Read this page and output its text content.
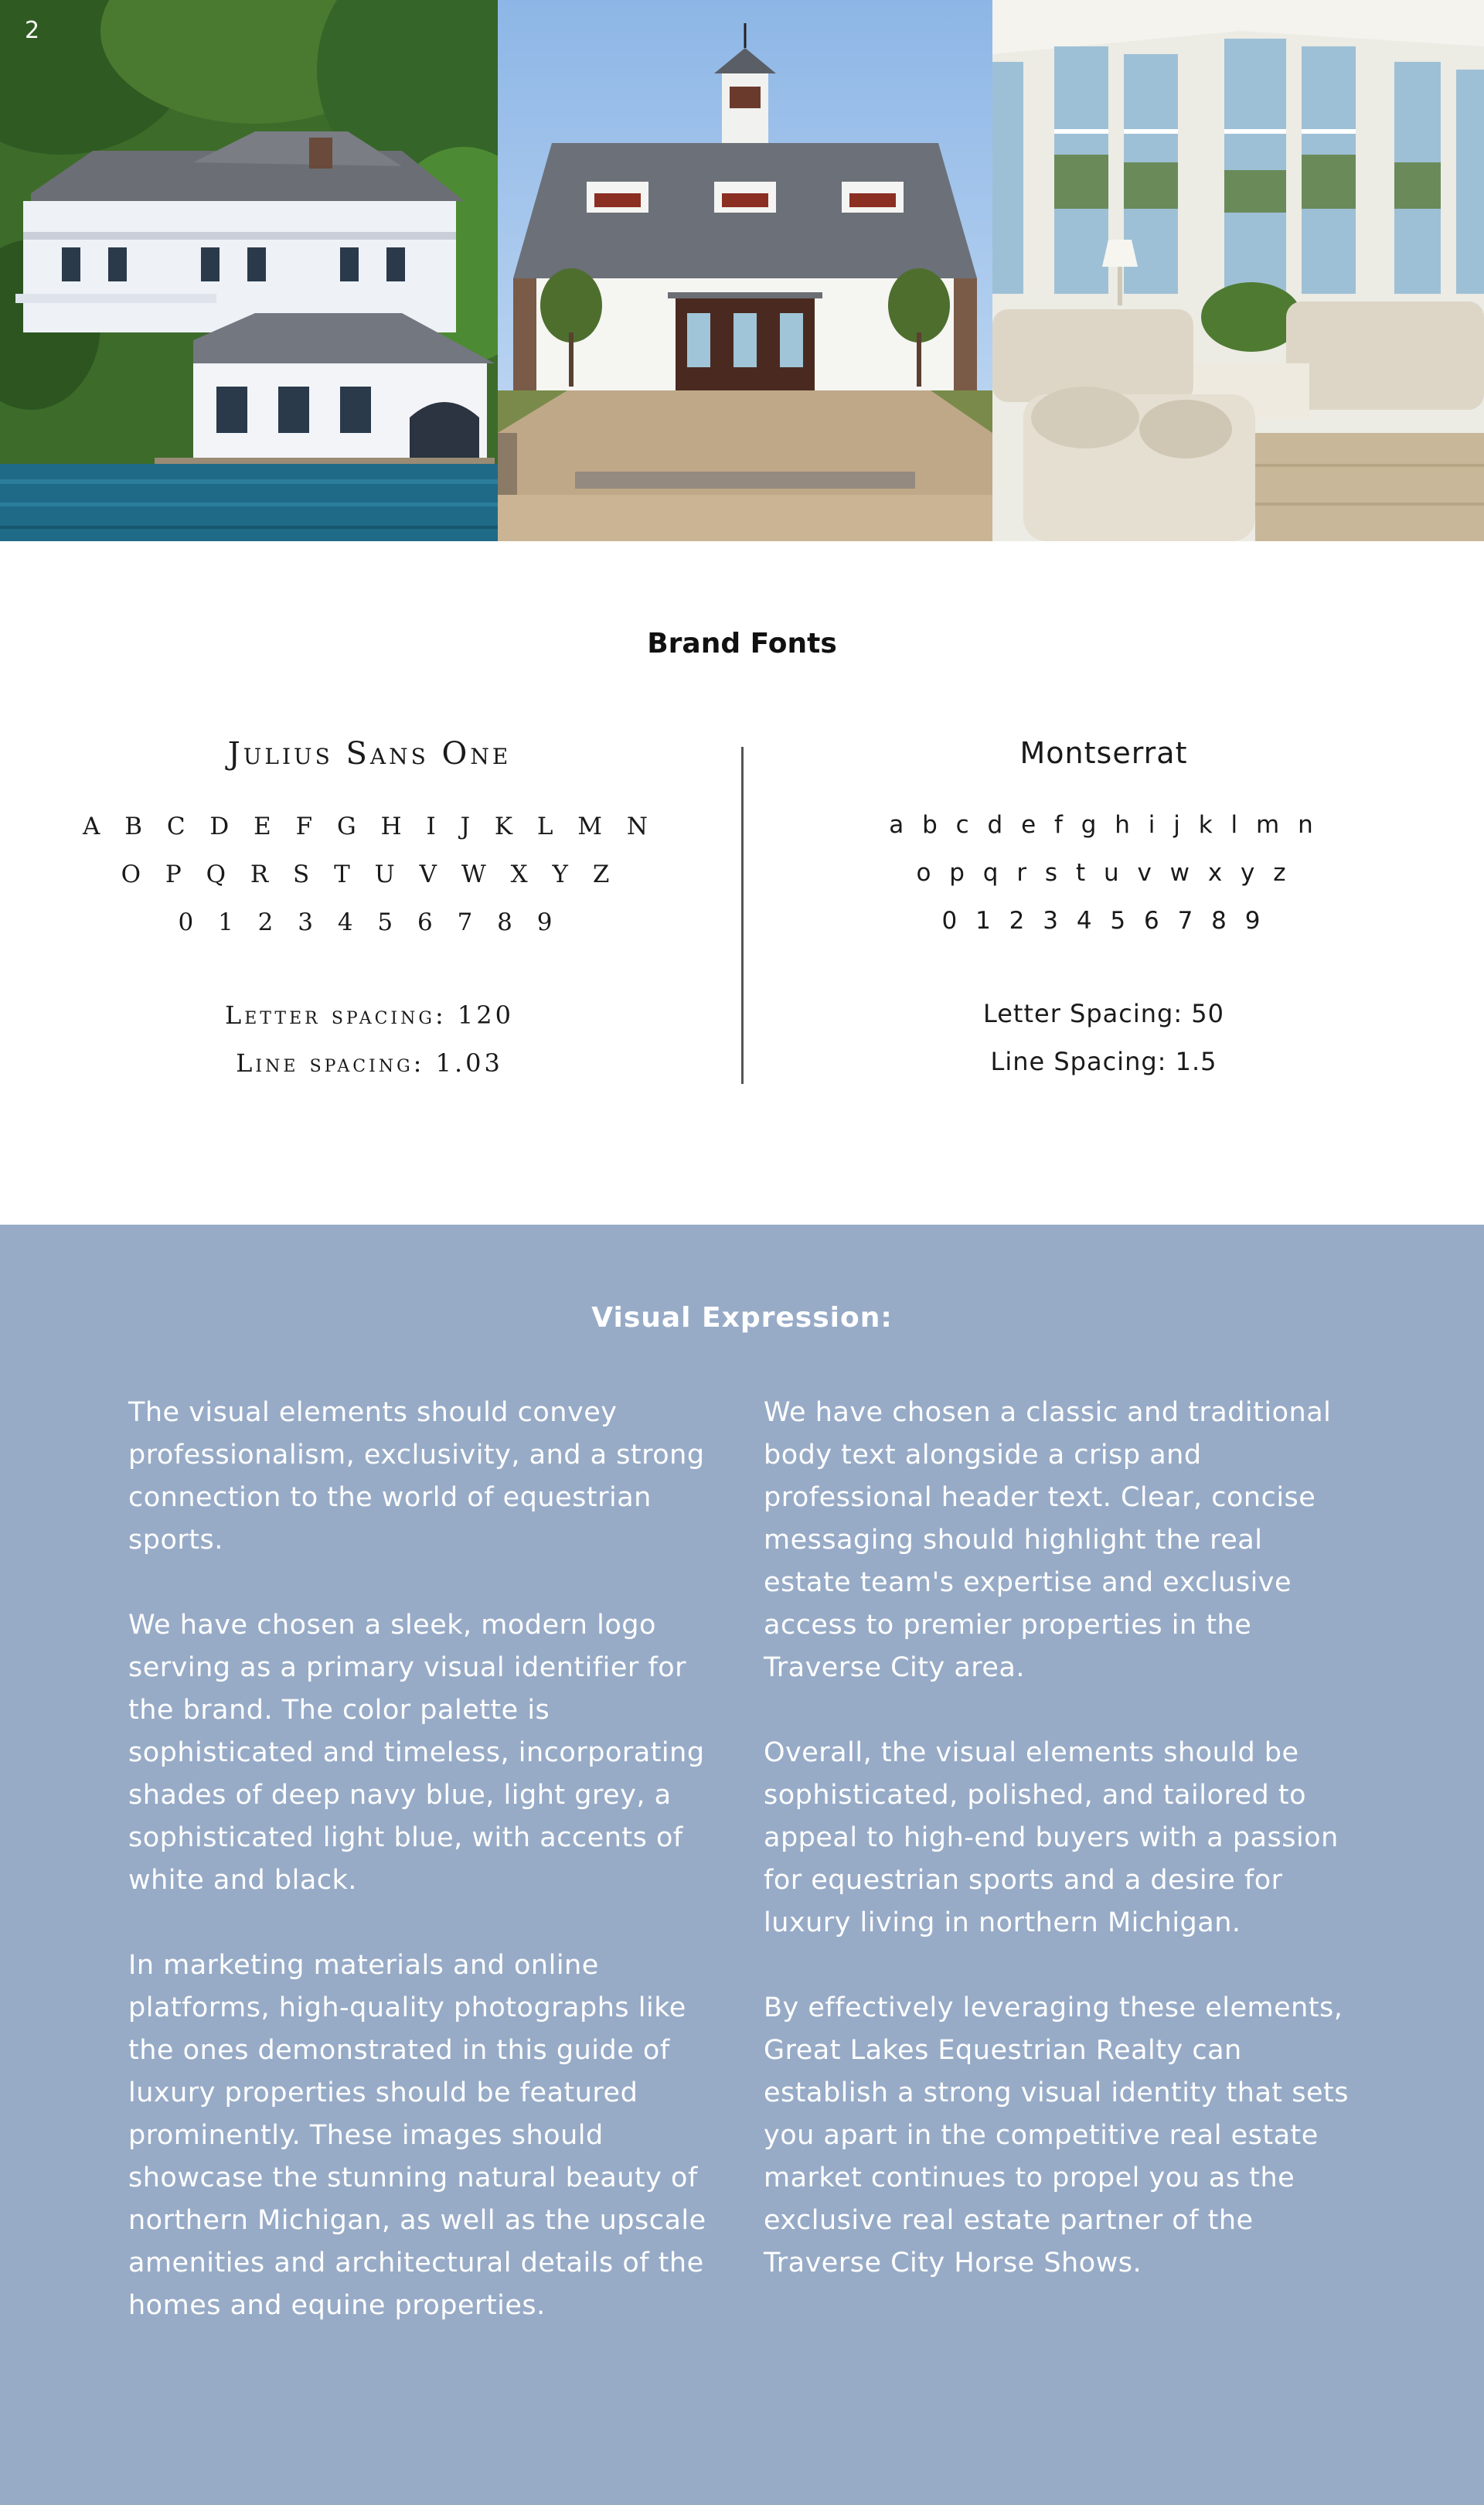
2
Brand Fonts
Julius Sans One
A B C D E F G H I J K L M N
O P Q R S T U V W X Y Z
0 1 2 3 4 5 6 7 8 9
Letter spacing: 120
Line spacing: 1.03
Montserrat
a b c d e f g h i j k l m n
o p q r s t u v w x y z
0 1 2 3 4 5 6 7 8 9
Letter Spacing: 50
Line Spacing: 1.5
Visual Expression:

The visual elements should convey professionalism, exclusivity, and a strong connection to the world of equestrian sports.

We have chosen a sleek, modern logo serving as a primary visual identifier for the brand. The color palette is sophisticated and timeless, incorporating shades of deep navy blue, light grey, a sophisticated light blue, with accents of white and black.

In marketing materials and online platforms, high-quality photographs like the ones demonstrated in this guide of luxury properties should be featured prominently. These images should showcase the stunning natural beauty of northern Michigan, as well as the upscale amenities and architectural details of the homes and equine properties.

We have chosen a classic and traditional body text alongside a crisp and professional header text. Clear, concise messaging should highlight the real estate team's expertise and exclusive access to premier properties in the Traverse City area.

Overall, the visual elements should be sophisticated, polished, and tailored to appeal to high-end buyers with a passion for equestrian sports and a desire for luxury living in northern Michigan.

By effectively leveraging these elements, Great Lakes Equestrian Realty can establish a strong visual identity that sets you apart in the competitive real estate market continues to propel you as the exclusive real estate partner of the Traverse City Horse Shows.
